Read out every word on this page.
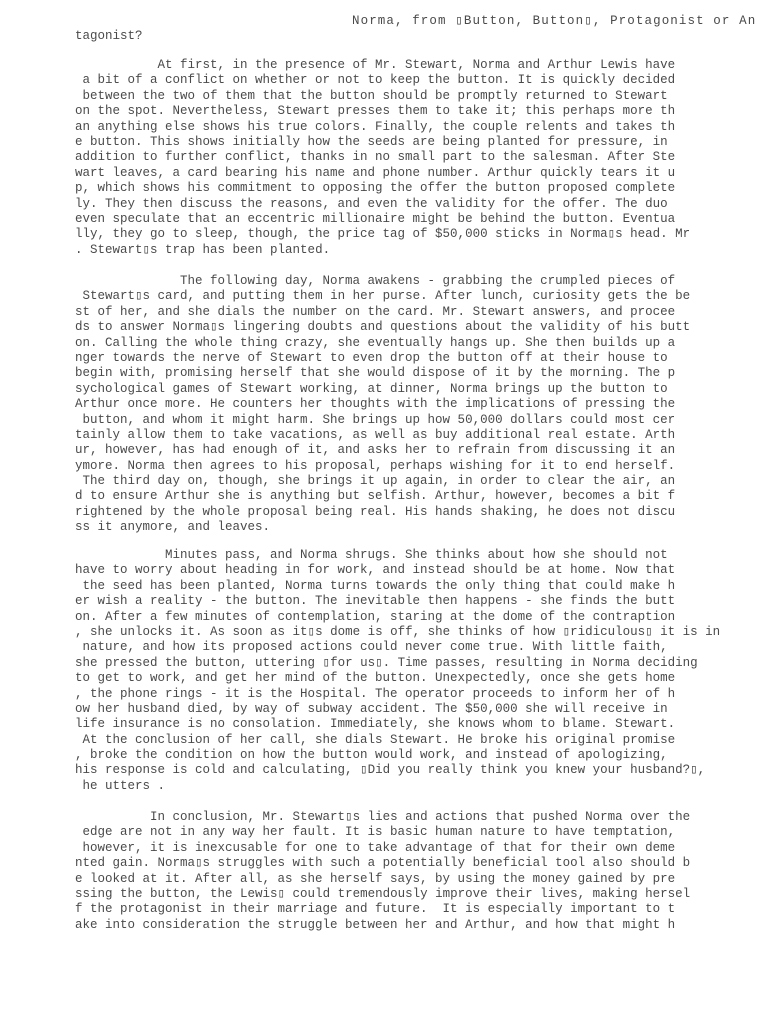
Norma, from ▯Button, Button▯, Protagonist or An
tagonist?
At first, in the presence of Mr. Stewart, Norma and Arthur Lewis have
a bit of a conflict on whether or not to keep the button. It is quickly decided
between the two of them that the button should be promptly returned to Stewart
on the spot. Nevertheless, Stewart presses them to take it; this perhaps more th
an anything else shows his true colors. Finally, the couple relents and takes th
e button. This shows initially how the seeds are being planted for pressure, in
addition to further conflict, thanks in no small part to the salesman. After Ste
wart leaves, a card bearing his name and phone number. Arthur quickly tears it u
p, which shows his commitment to opposing the offer the button proposed complete
ly. They then discuss the reasons, and even the validity for the offer. The duo
even speculate that an eccentric millionaire might be behind the button. Eventua
lly, they go to sleep, though, the price tag of $50,000 sticks in Norma▯s head. Mr
. Stewart▯s trap has been planted.
The following day, Norma awakens - grabbing the crumpled pieces of
Stewart▯s card, and putting them in her purse. After lunch, curiosity gets the be
st of her, and she dials the number on the card. Mr. Stewart answers, and procee
ds to answer Norma▯s lingering doubts and questions about the validity of his butt
on. Calling the whole thing crazy, she eventually hangs up. She then builds up a
nger towards the nerve of Stewart to even drop the button off at their house to
begin with, promising herself that she would dispose of it by the morning. The p
sychological games of Stewart working, at dinner, Norma brings up the button to
Arthur once more. He counters her thoughts with the implications of pressing the
button, and whom it might harm. She brings up how 50,000 dollars could most cer
tainly allow them to take vacations, as well as buy additional real estate. Arth
ur, however, has had enough of it, and asks her to refrain from discussing it an
ymore. Norma then agrees to his proposal, perhaps wishing for it to end herself.
The third day on, though, she brings it up again, in order to clear the air, an
d to ensure Arthur she is anything but selfish. Arthur, however, becomes a bit f
rightened by the whole proposal being real. His hands shaking, he does not discu
ss it anymore, and leaves.
Minutes pass, and Norma shrugs. She thinks about how she should not
have to worry about heading in for work, and instead should be at home. Now that
the seed has been planted, Norma turns towards the only thing that could make h
er wish a reality - the button. The inevitable then happens - she finds the butt
on. After a few minutes of contemplation, staring at the dome of the contraption
, she unlocks it. As soon as it▯s dome is off, she thinks of how ▯ridiculous▯ it is in
nature, and how its proposed actions could never come true. With little faith,
she pressed the button, uttering ▯for us▯. Time passes, resulting in Norma deciding
to get to work, and get her mind of the button. Unexpectedly, once she gets home
, the phone rings - it is the Hospital. The operator proceeds to inform her of h
ow her husband died, by way of subway accident. The $50,000 she will receive in
life insurance is no consolation. Immediately, she knows whom to blame. Stewart.
At the conclusion of her call, she dials Stewart. He broke his original promise
, broke the condition on how the button would work, and instead of apologizing,
his response is cold and calculating, ▯Did you really think you knew your husband?▯,
he utters .
In conclusion, Mr. Stewart▯s lies and actions that pushed Norma over the
edge are not in any way her fault. It is basic human nature to have temptation,
however, it is inexcusable for one to take advantage of that for their own deme
nted gain. Norma▯s struggles with such a potentially beneficial tool also should b
e looked at it. After all, as she herself says, by using the money gained by pre
ssing the button, the Lewis▯ could tremendously improve their lives, making hersel
f the protagonist in their marriage and future.  It is especially important to t
ake into consideration the struggle between her and Arthur, and how that might h
